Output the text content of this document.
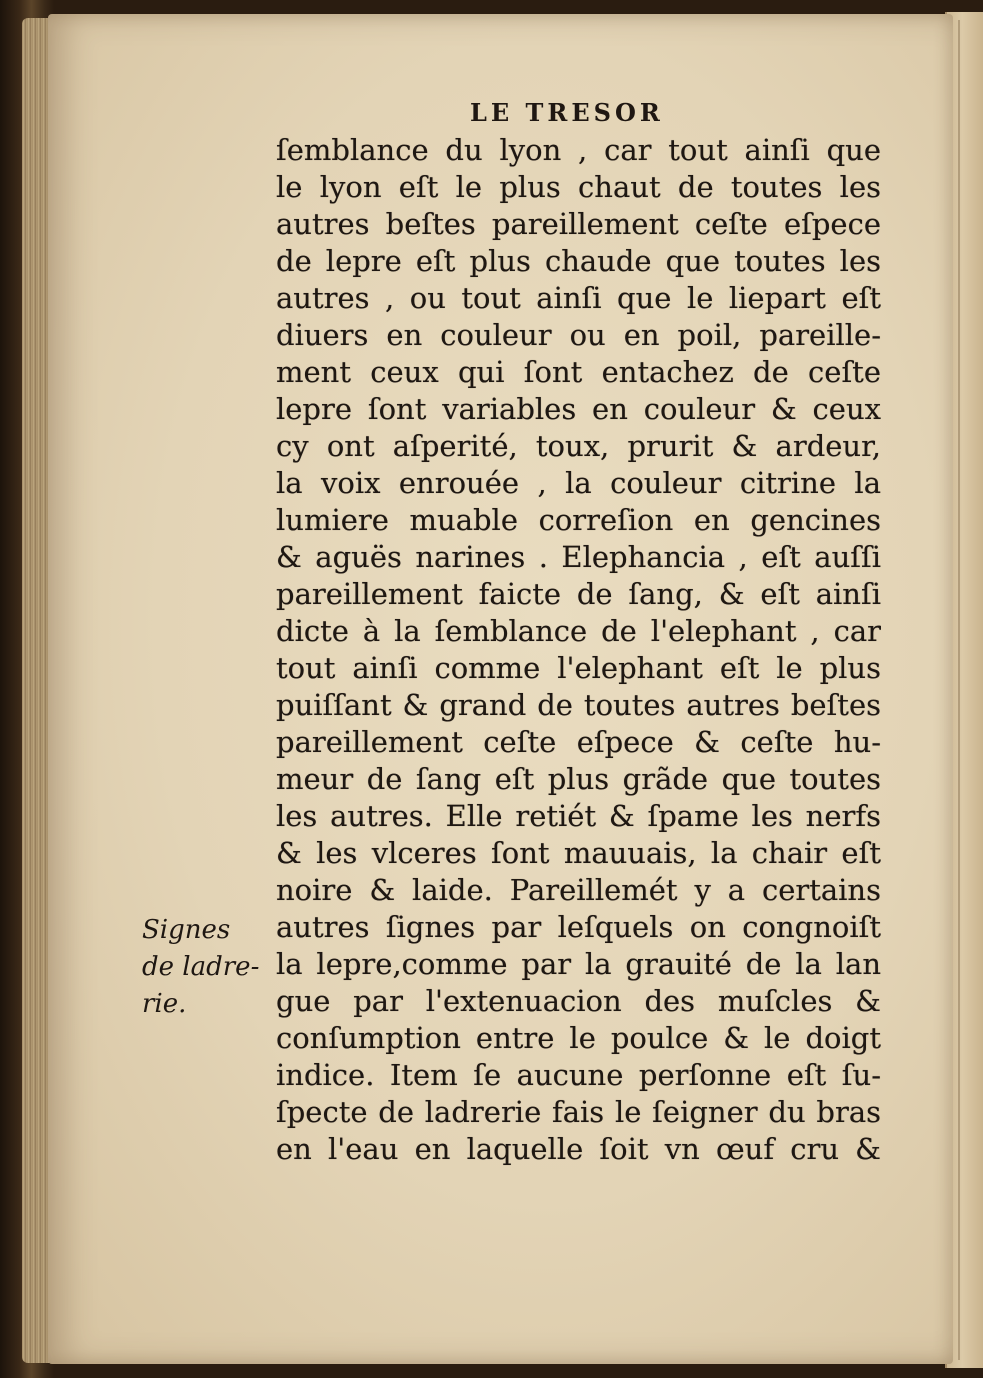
LE TRESOR
ſemblance du lyon , car tout ainſi que
le lyon eſt le plus chaut de toutes les
autres beſtes pareillement ceſte eſpece
de lepre eſt plus chaude que toutes les
autres , ou tout ainſi que le liepart eſt
diuers en couleur ou en poil, pareille-
ment ceux qui ſont entachez de ceſte
lepre ſont variables en couleur & ceux
cy ont aſperité, toux, prurit & ardeur,
la voix enrouée , la couleur citrine la
lumiere muable correſion en gencines
& aguës narines . Elephancia , eſt auſſi
pareillement faicte de ſang, & eſt ainſi
dicte à la ſemblance de l'elephant , car
tout ainſi comme l'elephant eſt le plus
puiſſant & grand de toutes autres beſtes
pareillement ceſte eſpece & ceſte hu-
meur de ſang eſt plus grãde que toutes
les autres. Elle retiét & ſpame les nerfs
& les vlceres ſont mauuais, la chair eſt
noire & laide. Pareillemét y a certains
autres ſignes par leſquels on congnoiſt
la lepre,comme par la grauité de la lan
gue par l'extenuacion des muſcles &
conſumption entre le poulce & le doigt
indice. Item ſe aucune perſonne eſt ſu-
ſpecte de ladrerie fais le ſeigner du bras
en l'eau en laquelle ſoit vn œuf cru &
Signes
de ladre-
rie.
